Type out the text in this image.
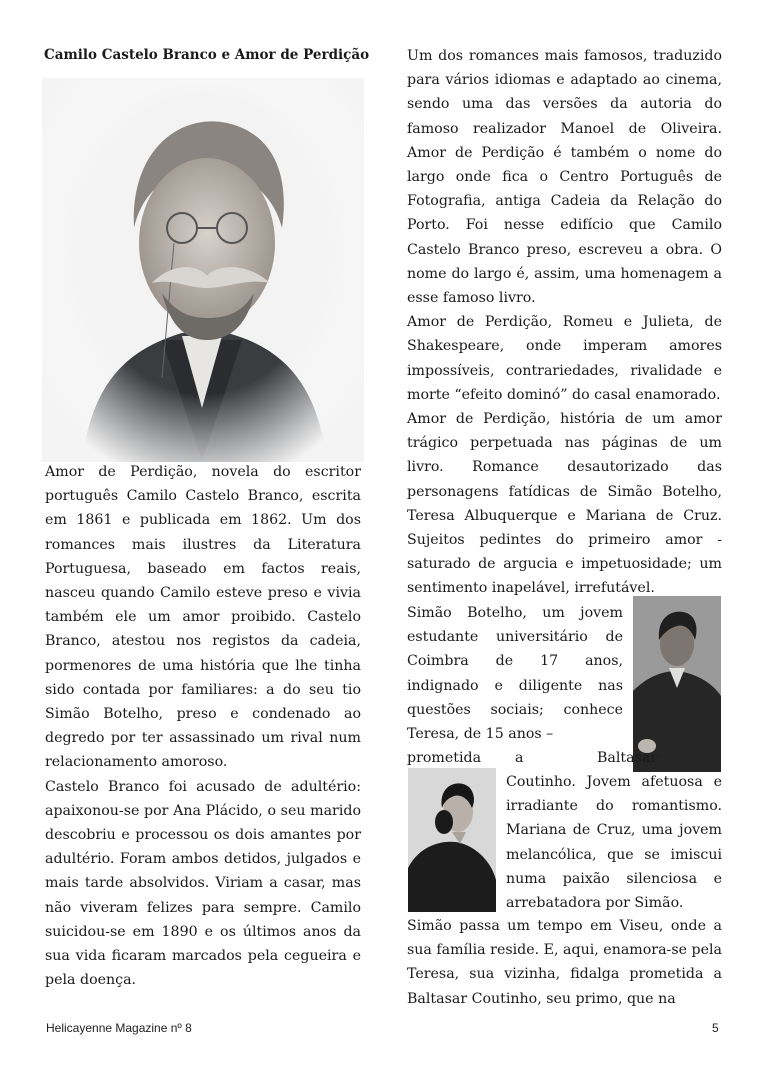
Camilo Castelo Branco e Amor de Perdição

Amor de Perdição, novela do escritor português Camilo Castelo Branco, escrita em 1861 e publicada em 1862. Um dos romances mais ilustres da Literatura Portuguesa, baseado em factos reais, nasceu quando Camilo esteve preso e vivia também ele um amor proibido. Castelo Branco, atestou nos registos da cadeia, pormenores de uma história que lhe tinha sido contada por familiares: a do seu tio Simão Botelho, preso e condenado ao degredo por ter assassinado um rival num relacionamento amoroso.

Castelo Branco foi acusado de adultério: apaixonou-se por Ana Plácido, o seu marido descobriu e processou os dois amantes por adultério. Foram ambos detidos, julgados e mais tarde absolvidos. Viriam a casar, mas não viveram felizes para sempre. Camilo suicidou-se em 1890 e os últimos anos da sua vida ficaram marcados pela cegueira e pela doença.

Um dos romances mais famosos, traduzido para vários idiomas e adaptado ao cinema, sendo uma das versões da autoria do famoso realizador Manoel de Oliveira. Amor de Perdição é também o nome do largo onde fica o Centro Português de Fotografia, antiga Cadeia da Relação do Porto. Foi nesse edifício que Camilo Castelo Branco preso, escreveu a obra. O nome do largo é, assim, uma homenagem a esse famoso livro.

Amor de Perdição, Romeu e Julieta, de Shakespeare, onde imperam amores impossíveis, contrariedades, rivalidade e morte “efeito dominó” do casal enamorado.

Amor de Perdição, história de um amor trágico perpetuada nas páginas de um livro. Romance desautorizado das personagens fatídicas de Simão Botelho, Teresa Albuquerque e Mariana de Cruz. Sujeitos pedintes do primeiro amor - saturado de argucia e impetuosidade; um sentimento inapelável, irrefutável.

Simão Botelho, um jovem estudante universitário de Coimbra de 17 anos, indignado e diligente nas questões sociais; conhece Teresa, de 15 anos –

prometida a	Baltasar

Coutinho. Jovem afetuosa e irradiante do romantismo. Mariana de Cruz, uma jovem melancólica, que se imiscui numa paixão silenciosa e arrebatadora por Simão.

Simão passa um tempo em Viseu, onde a sua família reside. E, aqui, enamora-se pela Teresa, sua vizinha, fidalga prometida a Baltasar Coutinho, seu primo, que na

Helicayenne Magazine nº 8	5
